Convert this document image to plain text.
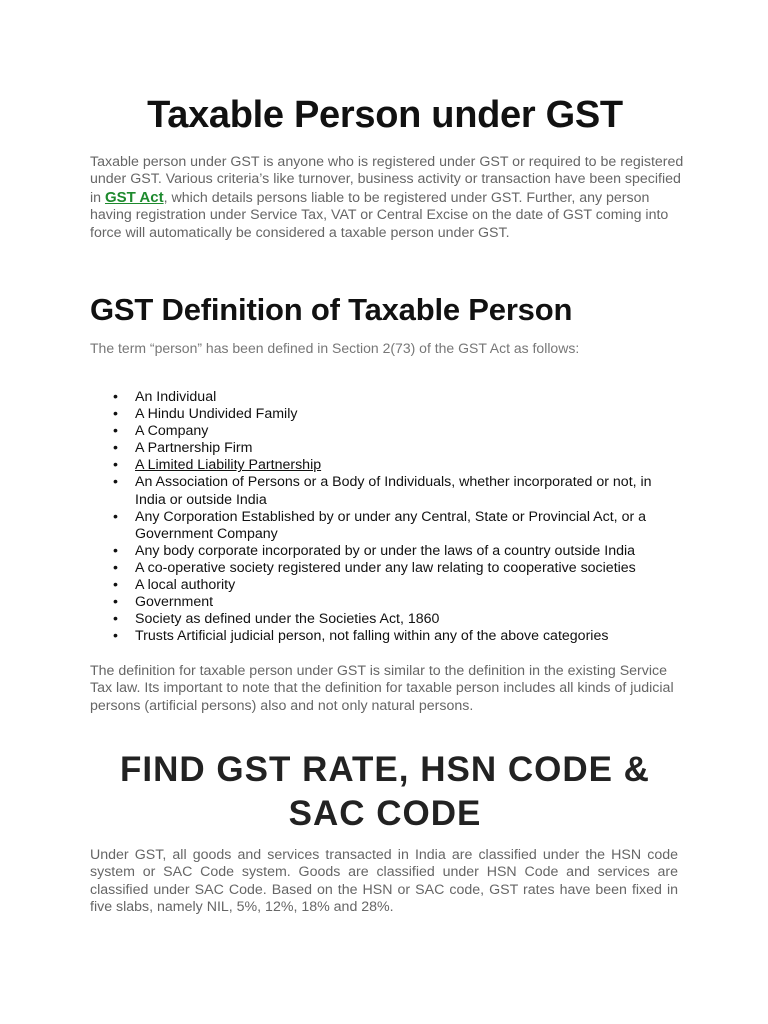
Taxable Person under GST

Taxable person under GST is anyone who is registered under GST or required to be registered under GST. Various criteria’s like turnover, business activity or transaction have been specified in GST Act, which details persons liable to be registered under GST. Further, any person having registration under Service Tax, VAT or Central Excise on the date of GST coming into force will automatically be considered a taxable person under GST.

GST Definition of Taxable Person

The term “person” has been defined in Section 2(73) of the GST Act as follows:

• An Individual
• A Hindu Undivided Family
• A Company
• A Partnership Firm
• A Limited Liability Partnership
• An Association of Persons or a Body of Individuals, whether incorporated or not, in India or outside India
• Any Corporation Established by or under any Central, State or Provincial Act, or a Government Company
• Any body corporate incorporated by or under the laws of a country outside India
• A co-operative society registered under any law relating to cooperative societies
• A local authority
• Government
• Society as defined under the Societies Act, 1860
• Trusts Artificial judicial person, not falling within any of the above categories

The definition for taxable person under GST is similar to the definition in the existing Service Tax law. Its important to note that the definition for taxable person includes all kinds of judicial persons (artificial persons) also and not only natural persons.

FIND GST RATE, HSN CODE &
SAC CODE

Under GST, all goods and services transacted in India are classified under the HSN code system or SAC Code system. Goods are classified under HSN Code and services are classified under SAC Code. Based on the HSN or SAC code, GST rates have been fixed in five slabs, namely NIL, 5%, 12%, 18% and 28%.
